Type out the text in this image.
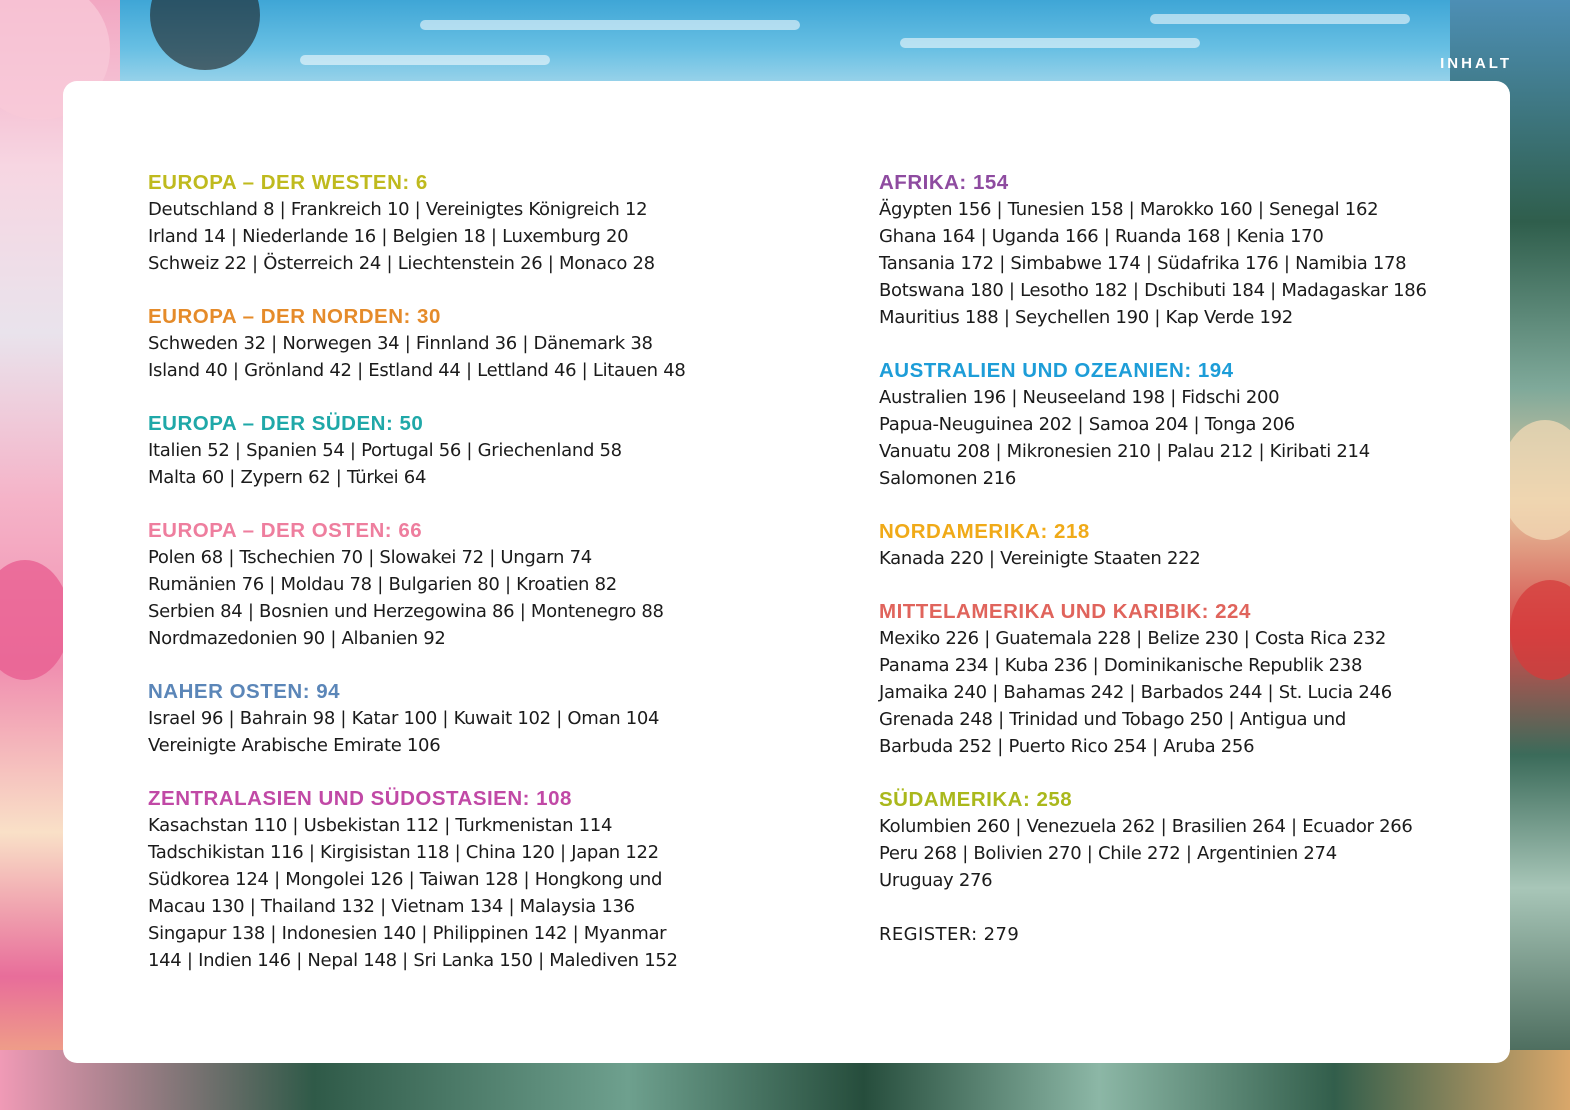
INHALT
EUROPA – DER WESTEN: 6
Deutschland 8 | Frankreich 10 | Vereinigtes Königreich 12
Irland 14 | Niederlande 16 | Belgien 18 | Luxemburg 20
Schweiz 22 | Österreich 24 | Liechtenstein 26 | Monaco 28
EUROPA – DER NORDEN: 30
Schweden 32 | Norwegen 34 | Finnland 36 | Dänemark 38
Island 40 | Grönland 42 | Estland 44 | Lettland 46 | Litauen 48
EUROPA – DER SÜDEN: 50
Italien 52 | Spanien 54 | Portugal 56 | Griechenland 58
Malta 60 | Zypern 62 | Türkei 64
EUROPA – DER OSTEN: 66
Polen 68 | Tschechien 70 | Slowakei 72 | Ungarn 74
Rumänien 76 | Moldau 78 | Bulgarien 80 | Kroatien 82
Serbien 84 | Bosnien und Herzegowina 86 | Montenegro 88
Nordmazedonien 90 | Albanien 92
NAHER OSTEN: 94
Israel 96 | Bahrain 98 | Katar 100 | Kuwait 102 | Oman 104
Vereinigte Arabische Emirate 106
ZENTRALASIEN UND SÜDOSTASIEN: 108
Kasachstan 110 | Usbekistan 112 | Turkmenistan 114
Tadschikistan 116 | Kirgisistan 118 | China 120 | Japan 122
Südkorea 124 | Mongolei 126 | Taiwan 128 | Hongkong und
Macau 130 | Thailand 132 | Vietnam 134 | Malaysia 136
Singapur 138 | Indonesien 140 | Philippinen 142 | Myanmar
144 | Indien 146 | Nepal 148 | Sri Lanka 150 | Malediven 152
AFRIKA: 154
Ägypten 156 | Tunesien 158 | Marokko 160 | Senegal 162
Ghana 164 | Uganda 166 | Ruanda 168 | Kenia 170
Tansania 172 | Simbabwe 174 | Südafrika 176 | Namibia 178
Botswana 180 | Lesotho 182 | Dschibuti 184 | Madagaskar 186
Mauritius 188 | Seychellen 190 | Kap Verde 192
AUSTRALIEN UND OZEANIEN: 194
Australien 196 | Neuseeland 198 | Fidschi 200
Papua-Neuguinea 202 | Samoa 204 | Tonga 206
Vanuatu 208 | Mikronesien 210 | Palau 212 | Kiribati 214
Salomonen 216
NORDAMERIKA: 218
Kanada 220 | Vereinigte Staaten 222
MITTELAMERIKA UND KARIBIK: 224
Mexiko 226 | Guatemala 228 | Belize 230 | Costa Rica 232
Panama 234 | Kuba 236 | Dominikanische Republik 238
Jamaika 240 | Bahamas 242 | Barbados 244 | St. Lucia 246
Grenada 248 | Trinidad und Tobago 250 | Antigua und
Barbuda 252 | Puerto Rico 254 | Aruba 256
SÜDAMERIKA: 258
Kolumbien 260 | Venezuela 262 | Brasilien 264 | Ecuador 266
Peru 268 | Bolivien 270 | Chile 272 | Argentinien 274
Uruguay 276
REGISTER: 279
